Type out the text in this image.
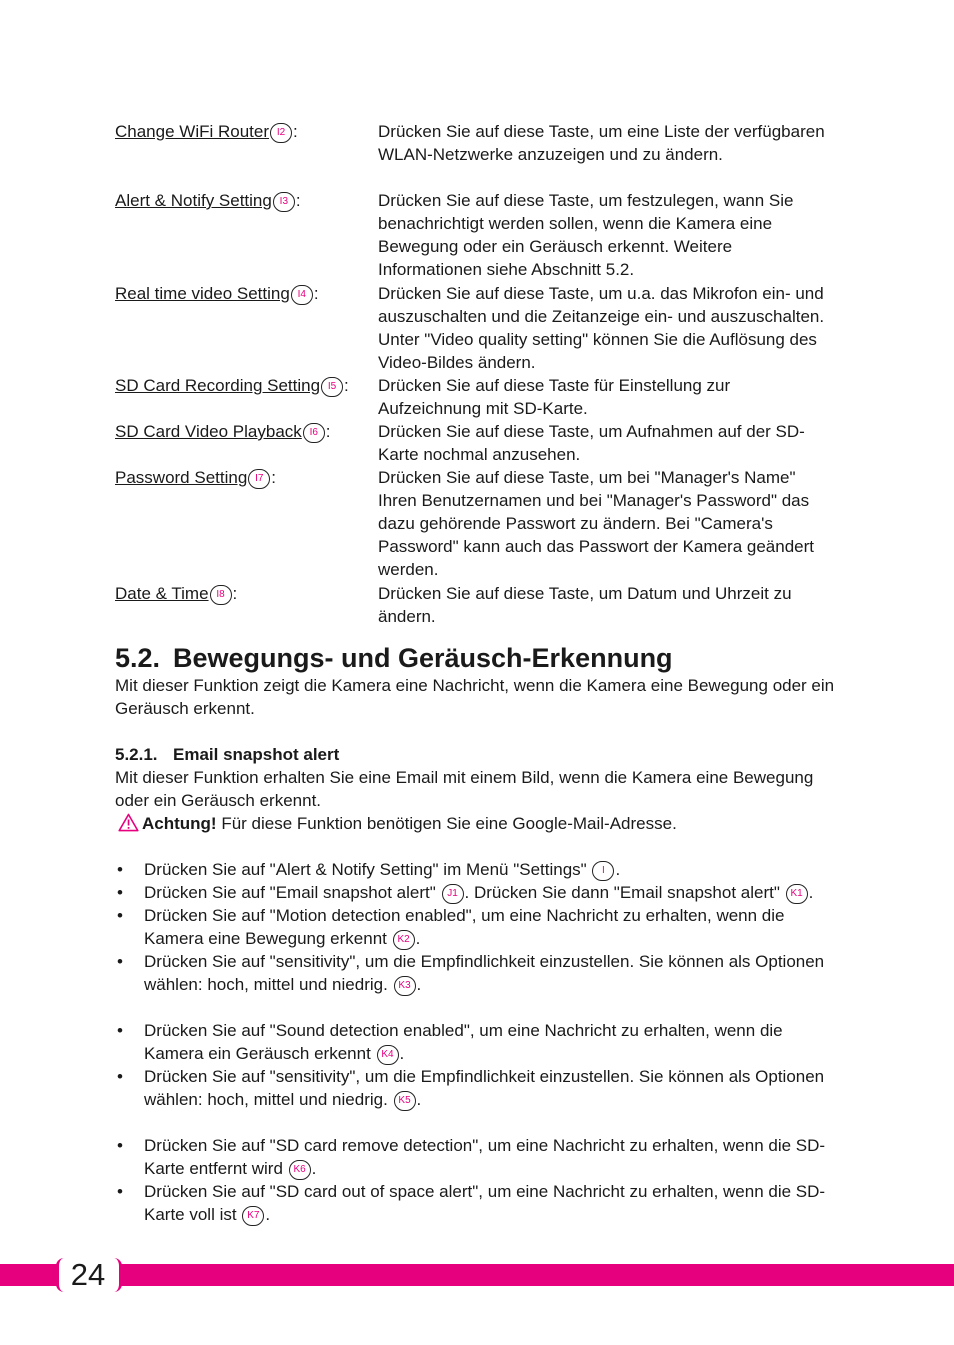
Change WiFi Router I2 :	Drücken Sie auf diese Taste, um eine Liste der verfügbaren WLAN-Netzwerke anzuzeigen und zu ändern.
Alert & Notify Setting I3 :	Drücken Sie auf diese Taste, um festzulegen, wann Sie benachrichtigt werden sollen, wenn die Kamera eine Bewegung oder ein Geräusch erkennt. Weitere Informationen siehe Abschnitt 5.2.
Real time video Setting I4 :	Drücken Sie auf diese Taste, um u.a. das Mikrofon ein- und auszuschalten und die Zeitanzeige ein- und auszuschalten. Unter "Video quality setting" können Sie die Auflösung des Video-Bildes ändern.
SD Card Recording Setting I5 :	Drücken Sie auf diese Taste für Einstellung zur Aufzeichnung mit SD-Karte.
SD Card Video Playback I6 :	Drücken Sie auf diese Taste, um Aufnahmen auf der SD-Karte nochmal anzusehen.
Password Setting I7 :	Drücken Sie auf diese Taste, um bei "Manager's Name" Ihren Benutzernamen und bei "Manager's Password" das dazu gehörende Passwort zu ändern. Bei "Camera's Password" kann auch das Passwort der Kamera geändert werden.
Date & Time I8 :	Drücken Sie auf diese Taste, um Datum und Uhrzeit zu ändern.
5.2. Bewegungs- und Geräusch-Erkennung

Mit dieser Funktion zeigt die Kamera eine Nachricht, wenn die Kamera eine Bewegung oder ein Geräusch erkennt.

5.2.1. Email snapshot alert

Mit dieser Funktion erhalten Sie eine Email mit einem Bild, wenn die Kamera eine Bewegung oder ein Geräusch erkennt.

Achtung! Für diese Funktion benötigen Sie eine Google-Mail-Adresse.
•	Drücken Sie auf "Alert & Notify Setting" im Menü "Settings" I .
•	Drücken Sie auf "Email snapshot alert" J1 . Drücken Sie dann "Email snapshot alert" K1 .
•	Drücken Sie auf "Motion detection enabled", um eine Nachricht zu erhalten, wenn die Kamera eine Bewegung erkennt K2 .
•	Drücken Sie auf "sensitivity", um die Empfindlichkeit einzustellen. Sie können als Optionen wählen: hoch, mittel und niedrig. K3 .
•	Drücken Sie auf "Sound detection enabled", um eine Nachricht zu erhalten, wenn die Kamera ein Geräusch erkennt K4 .
•	Drücken Sie auf "sensitivity", um die Empfindlichkeit einzustellen. Sie können als Optionen wählen: hoch, mittel und niedrig. K5 .
•	Drücken Sie auf "SD card remove detection", um eine Nachricht zu erhalten, wenn die SD-Karte entfernt wird K6 .
•	Drücken Sie auf "SD card out of space alert", um eine Nachricht zu erhalten, wenn die SD-Karte voll ist K7 .
24
